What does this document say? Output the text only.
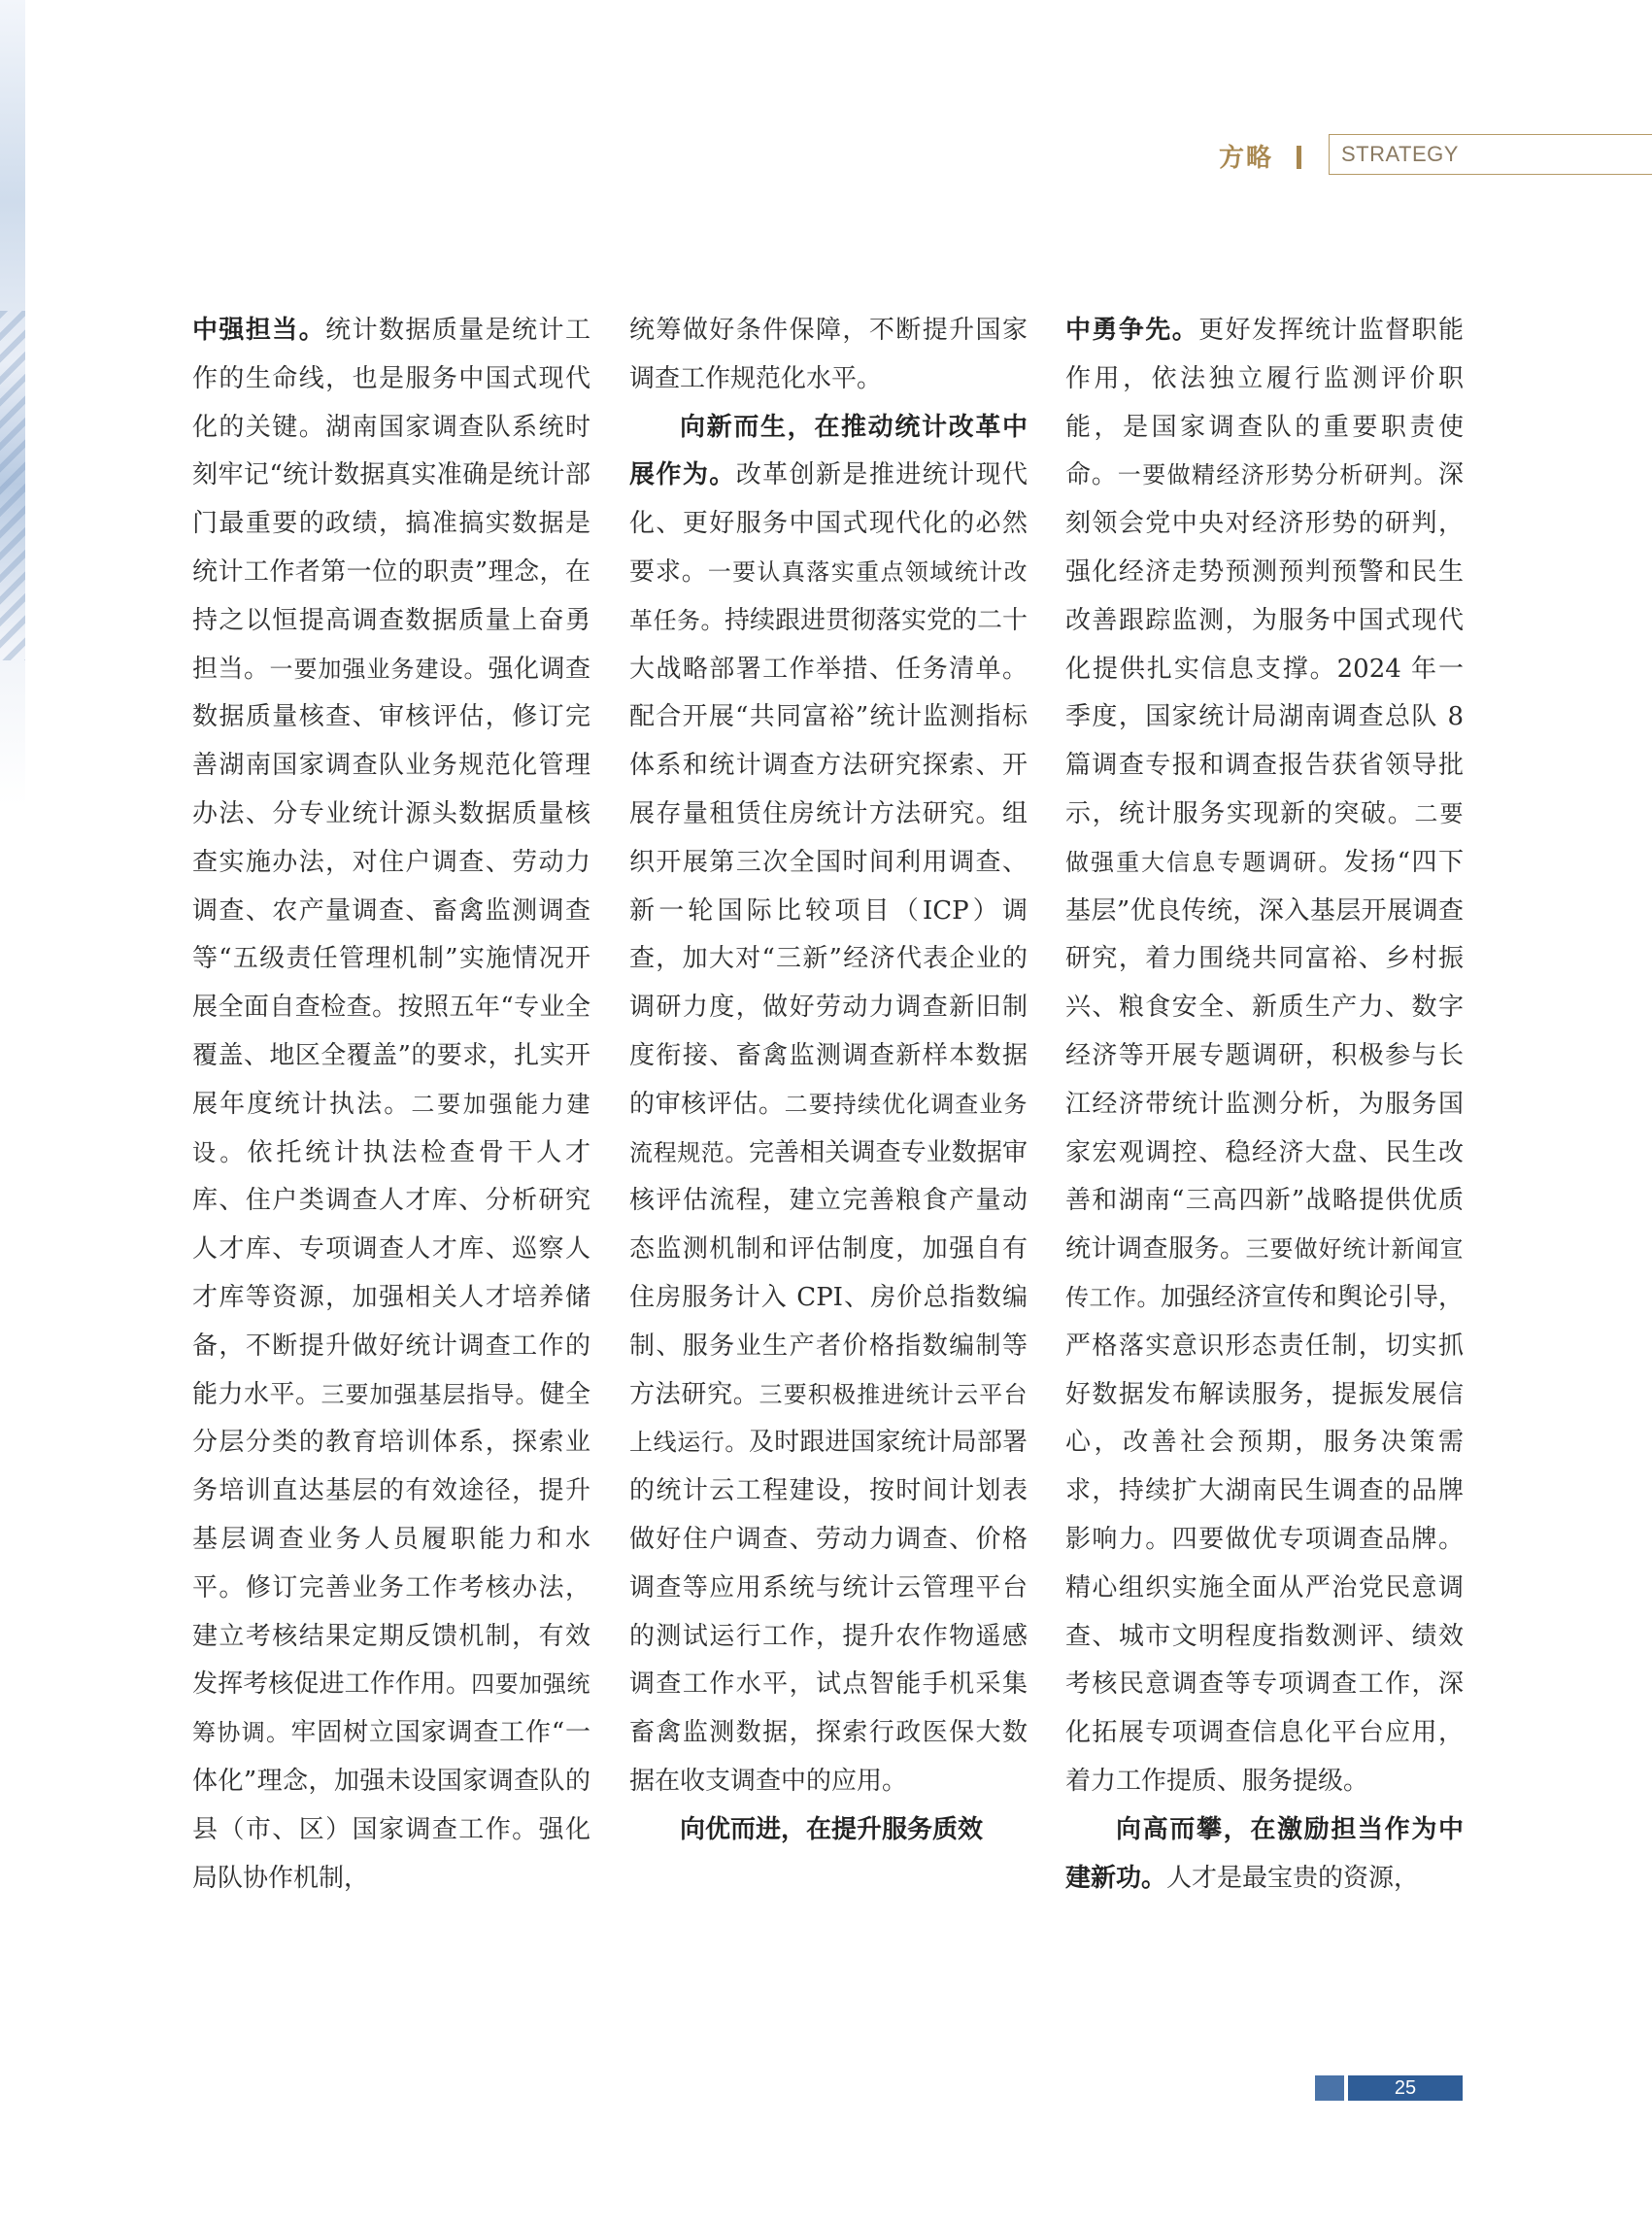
方略	STRATEGY

中强担当。统计数据质量是统计工作的生命线，也是服务中国式现代化的关键。湖南国家调查队系统时刻牢记“统计数据真实准确是统计部门最重要的政绩，搞准搞实数据是统计工作者第一位的职责”理念，在持之以恒提高调查数据质量上奋勇担当。一要加强业务建设。强化调查数据质量核查、审核评估，修订完善湖南国家调查队业务规范化管理办法、分专业统计源头数据质量核查实施办法，对住户调查、劳动力调查、农产量调查、畜禽监测调查等“五级责任管理机制”实施情况开展全面自查检查。按照五年“专业全覆盖、地区全覆盖”的要求，扎实开展年度统计执法。二要加强能力建设。依托统计执法检查骨干人才库、住户类调查人才库、分析研究人才库、专项调查人才库、巡察人才库等资源，加强相关人才培养储备，不断提升做好统计调查工作的能力水平。三要加强基层指导。健全分层分类的教育培训体系，探索业务培训直达基层的有效途径，提升基层调查业务人员履职能力和水平。修订完善业务工作考核办法，建立考核结果定期反馈机制，有效发挥考核促进工作作用。四要加强统筹协调。牢固树立国家调查工作“一体化”理念，加强未设国家调查队的县（市、区）国家调查工作。强化局队协作机制，

统筹做好条件保障，不断提升国家调查工作规范化水平。

向新而生，在推动统计改革中展作为。改革创新是推进统计现代化、更好服务中国式现代化的必然要求。一要认真落实重点领域统计改革任务。持续跟进贯彻落实党的二十大战略部署工作举措、任务清单。配合开展“共同富裕”统计监测指标体系和统计调查方法研究探索、开展存量租赁住房统计方法研究。组织开展第三次全国时间利用调查、新一轮国际比较项目（ICP）调查，加大对“三新”经济代表企业的调研力度，做好劳动力调查新旧制度衔接、畜禽监测调查新样本数据的审核评估。二要持续优化调查业务流程规范。完善相关调查专业数据审核评估流程，建立完善粮食产量动态监测机制和评估制度，加强自有住房服务计入 CPI、房价总指数编制、服务业生产者价格指数编制等方法研究。三要积极推进统计云平台上线运行。及时跟进国家统计局部署的统计云工程建设，按时间计划表做好住户调查、劳动力调查、价格调查等应用系统与统计云管理平台的测试运行工作，提升农作物遥感调查工作水平，试点智能手机采集畜禽监测数据，探索行政医保大数据在收支调查中的应用。

向优而进，在提升服务质效

中勇争先。更好发挥统计监督职能作用，依法独立履行监测评价职能，是国家调查队的重要职责使命。一要做精经济形势分析研判。深刻领会党中央对经济形势的研判，强化经济走势预测预判预警和民生改善跟踪监测，为服务中国式现代化提供扎实信息支撑。2024 年一季度，国家统计局湖南调查总队 8 篇调查专报和调查报告获省领导批示，统计服务实现新的突破。二要做强重大信息专题调研。发扬“四下基层”优良传统，深入基层开展调查研究，着力围绕共同富裕、乡村振兴、粮食安全、新质生产力、数字经济等开展专题调研，积极参与长江经济带统计监测分析，为服务国家宏观调控、稳经济大盘、民生改善和湖南“三高四新”战略提供优质统计调查服务。三要做好统计新闻宣传工作。加强经济宣传和舆论引导，严格落实意识形态责任制，切实抓好数据发布解读服务，提振发展信心，改善社会预期，服务决策需求，持续扩大湖南民生调查的品牌影响力。四要做优专项调查品牌。精心组织实施全面从严治党民意调查、城市文明程度指数测评、绩效考核民意调查等专项调查工作，深化拓展专项调查信息化平台应用，着力工作提质、服务提级。

向高而攀，在激励担当作为中建新功。人才是最宝贵的资源，

25
